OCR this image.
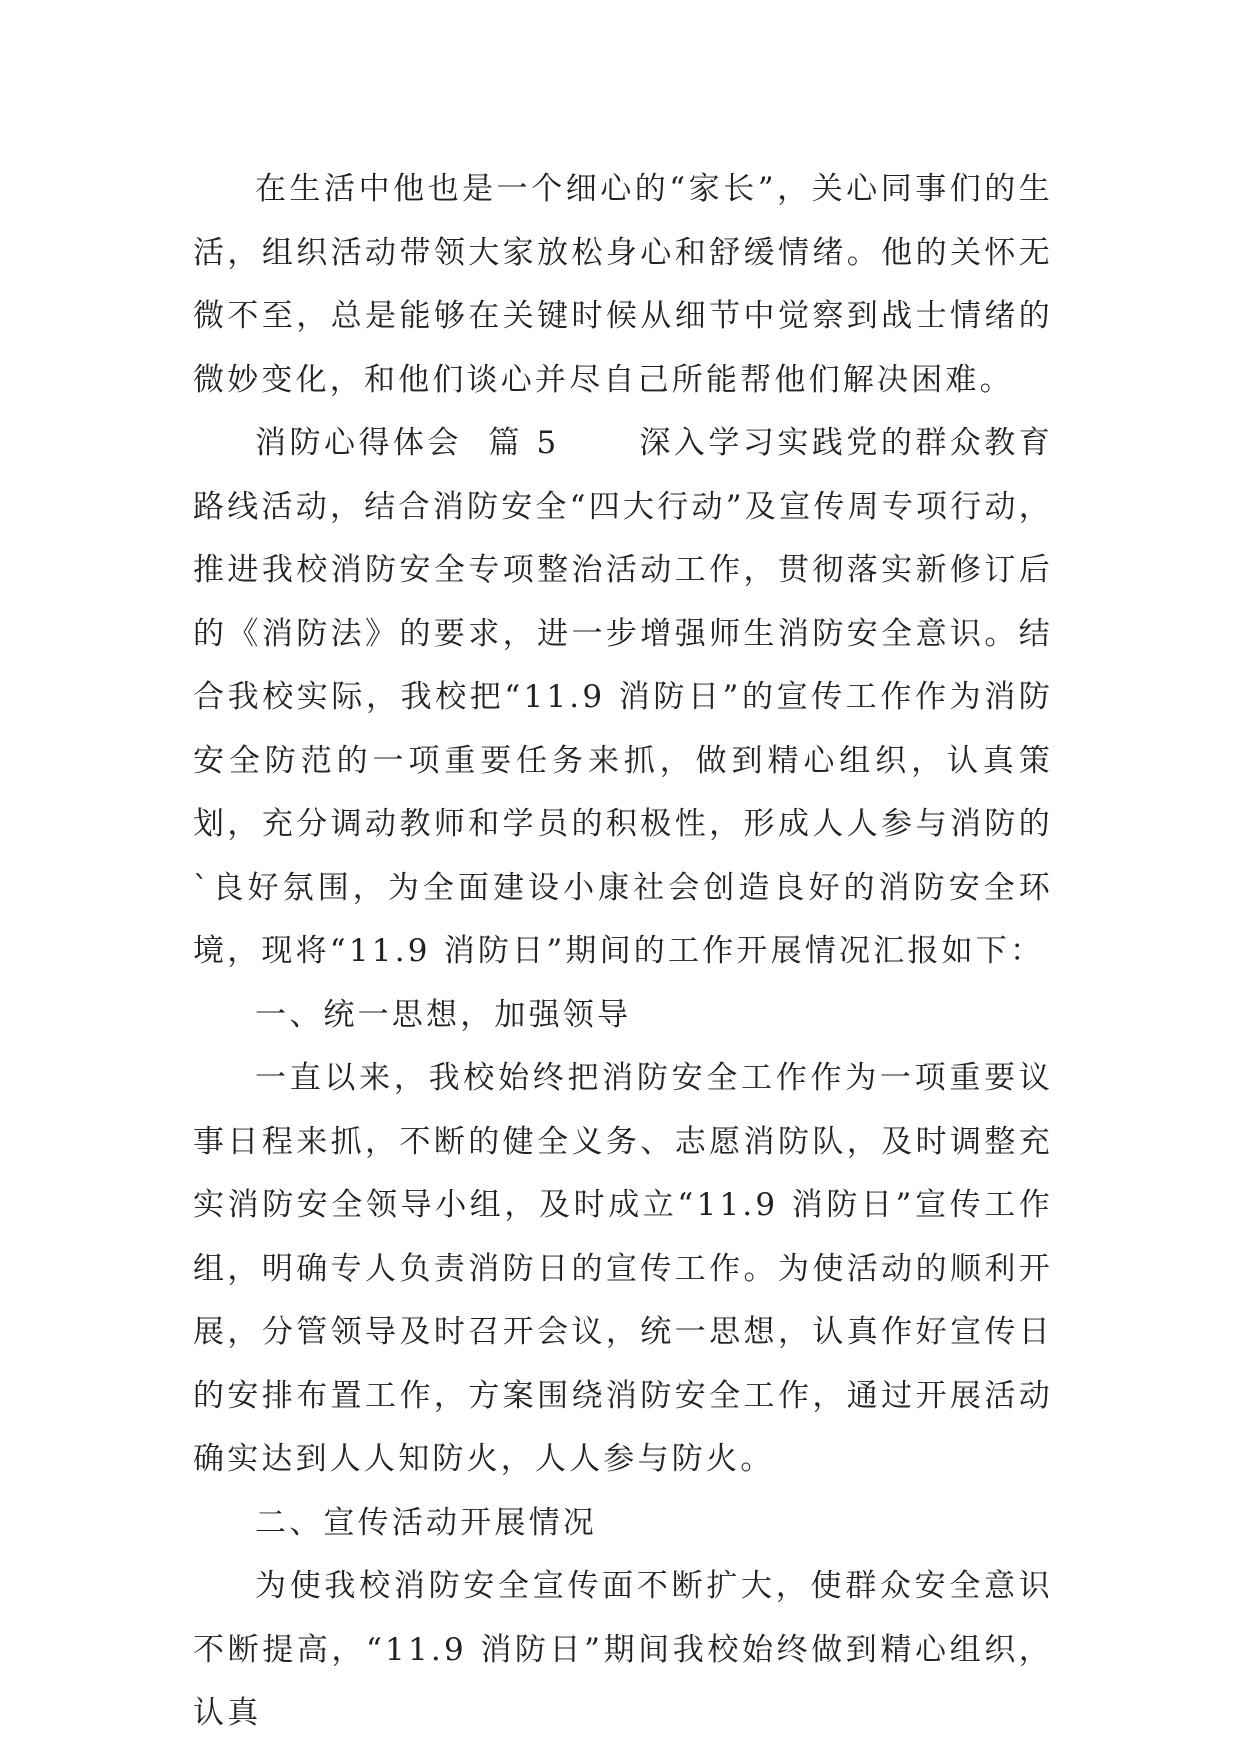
在生活中他也是一个细心的“家长”，关心同事们的生活，组织活动带领大家放松身心和舒缓情绪。他的关怀无微不至，总是能够在关键时候从细节中觉察到战士情绪的微妙变化，和他们谈心并尽自己所能帮他们解决困难。

消防心得体会  篇 5      深入学习实践党的群众教育路线活动，结合消防安全“四大行动”及宣传周专项行动，推进我校消防安全专项整治活动工作，贯彻落实新修订后的《消防法》的要求，进一步增强师生消防安全意识。结合我校实际，我校把“11.9 消防日”的宣传工作作为消防安全防范的一项重要任务来抓，做到精心组织，认真策划，充分调动教师和学员的积极性，形成人人参与消防的`良好氛围，为全面建设小康社会创造良好的消防安全环境，现将“11.9 消防日”期间的工作开展情况汇报如下：

一、统一思想，加强领导

一直以来，我校始终把消防安全工作作为一项重要议事日程来抓，不断的健全义务、志愿消防队，及时调整充实消防安全领导小组，及时成立“11.9 消防日”宣传工作组，明确专人负责消防日的宣传工作。为使活动的顺利开展，分管领导及时召开会议，统一思想，认真作好宣传日的安排布置工作，方案围绕消防安全工作，通过开展活动确实达到人人知防火，人人参与防火。

二、宣传活动开展情况

为使我校消防安全宣传面不断扩大，使群众安全意识不断提高，“11.9 消防日”期间我校始终做到精心组织，认真
